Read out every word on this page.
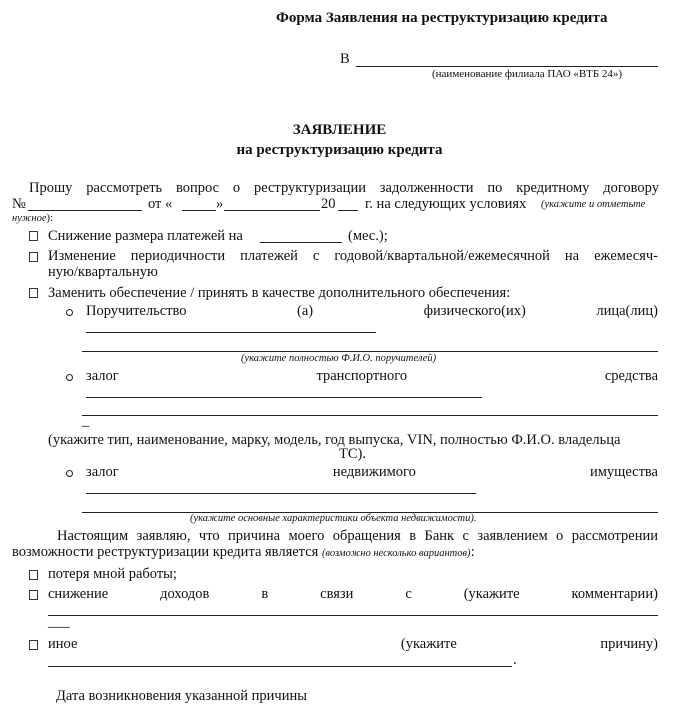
Форма Заявления на реструктуризацию кредита
В
(наименование филиала ПАО «ВТБ 24»)
ЗАЯВЛЕНИЕ
на реструктуризацию кредита
Прошу рассмотреть вопрос о реструктуризации задолженности по кредитному договору
№	от «	»	20 г. на следующих условиях (укажите и отметьте
нужное):
Снижение размера платежей на	(мес.);
Изменение периодичности платежей с годовой/квартальной/ежемесячной на ежемесяч-
ную/квартальную
Заменить обеспечение / принять в качестве дополнительного обеспечения:
Поручительство	(а)	физического(их)	лица(лиц)
(укажите полностью Ф.И.О. поручителей)
залог	транспортного	средства
_
(укажите тип, наименование, марку, модель, год выпуска, VIN, полностью Ф.И.О. владельца
ТС).
залог	недвижимого	имущества
(укажите основные характеристики объекта недвижимости).
Настоящим заявляю, что причина моего обращения в Банк с заявлением о рассмотрении
возможности реструктуризации кредита является (возможно несколько вариантов):
потеря мной работы;
снижение	доходов	в	связи	с	(укажите	комментарии)
___
иное	(укажите	причину)
.
Дата возникновения указанной причины
